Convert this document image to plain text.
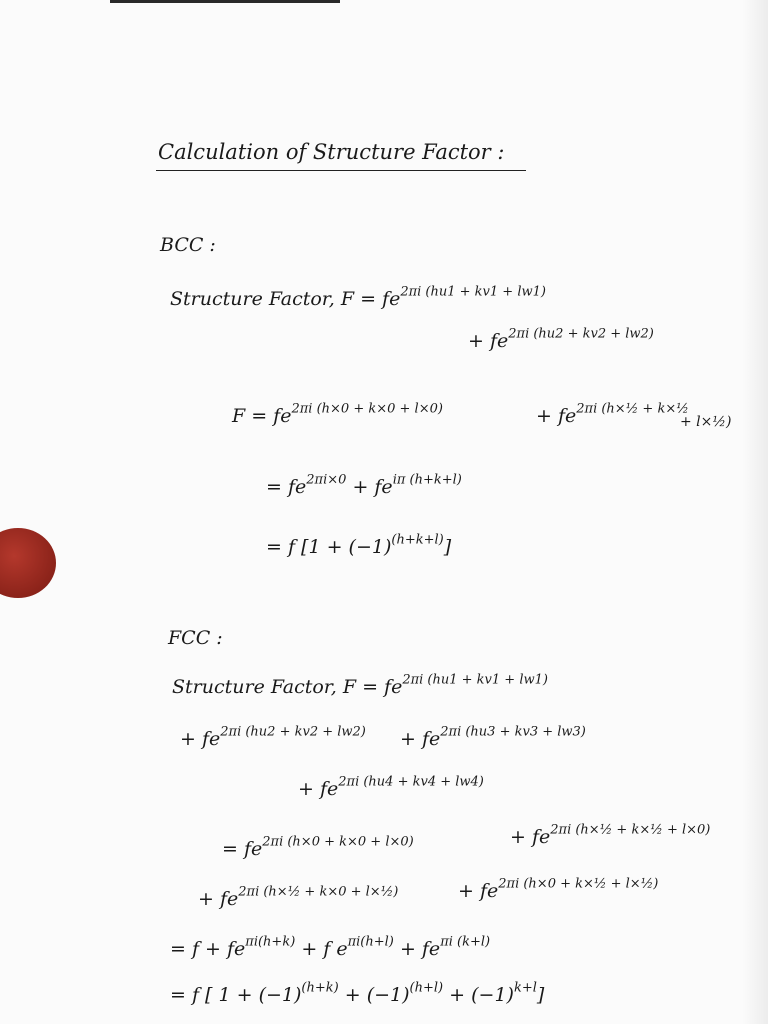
Calculation of Structure Factor :
BCC :
Structure Factor, $F = fe^{2\pi i (hu1 + kv1 + lw1)}$
+ $fe^{2\pi i (hu2 + kv2 + lw2)}$
$F = fe^{2\pi i (h\times 0 + k\times 0 + l\times 0)}$	+ $fe^{2\pi i (h\times\frac{1}{2} + k\times\frac{1}{2}}$
+ l×½)
= $fe^{2\pi i\times 0} + fe^{i\pi (h+k+l)}$
= f $[1 + (-1)^{(h+k+l)}]$
FCC :
Structure Factor, $F = fe^{2\pi i (hu1 + kv1 + lw1)}$
+ $fe^{2\pi i (hu2 + kv2 + lw2)} + fe^{2\pi i (hu3 + kv3 + lw3)}$
+ $fe^{2\pi i (hu4 + kv4 + lw4)}$
= $fe^{2\pi i (h\times 0 + k\times 0 + l\times 0)}$	+ $fe^{2\pi i (h\times\frac{1}{2} + k\times\frac{1}{2} + l\times 0)}$
+ $fe^{2\pi i (h\times\frac{1}{2} + k\times 0 + l\times\frac{1}{2})}$	+ $fe^{2\pi i (h\times 0 + k\times\frac{1}{2} + l\times\frac{1}{2})}$
= $f + fe^{\pi i(h+k)} + f$ $e^{\pi i(h+l)} + fe^{\pi i (k+l)}$
= f [ $1 + (-1)^{(h+k)} + (-1)^{(h+l)} + (-1)^{k+l}$]
